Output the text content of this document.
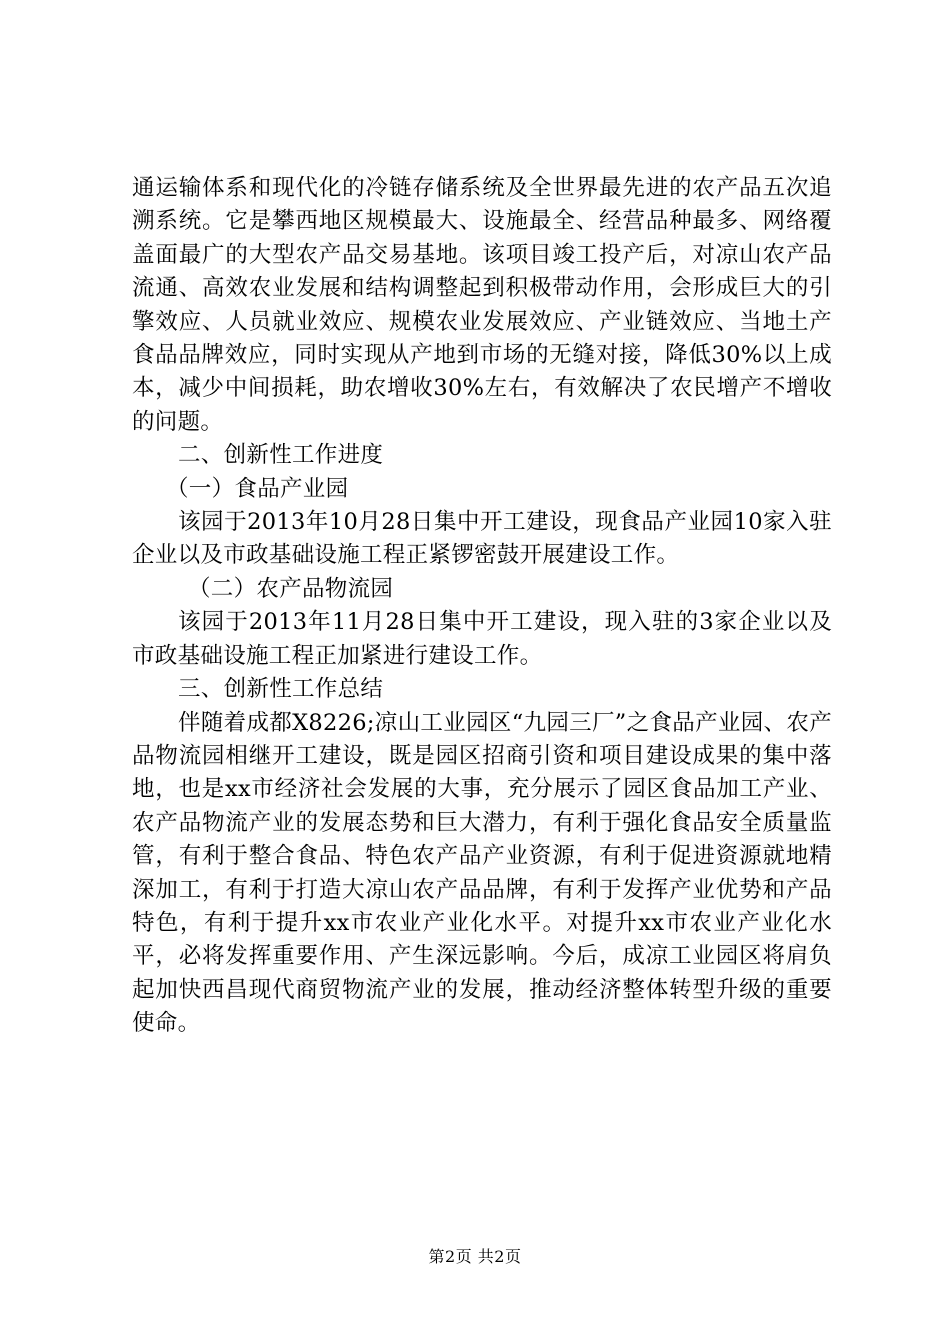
通运输体系和现代化的冷链存储系统及全世界最先进的农产品五次追溯系统。它是攀西地区规模最大、设施最全、经营品种最多、网络覆盖面最广的大型农产品交易基地。该项目竣工投产后，对凉山农产品流通、高效农业发展和结构调整起到积极带动作用，会形成巨大的引擎效应、人员就业效应、规模农业发展效应、产业链效应、当地土产食品品牌效应，同时实现从产地到市场的无缝对接，降低30%以上成本，减少中间损耗，助农增收30%左右，有效解决了农民增产不增收的问题。

二、创新性工作进度

（一）食品产业园

该园于2013年10月28日集中开工建设，现食品产业园10家入驻企业以及市政基础设施工程正紧锣密鼓开展建设工作。

（二）农产品物流园

该园于2013年11月28日集中开工建设，现入驻的3家企业以及市政基础设施工程正加紧进行建设工作。

三、创新性工作总结

伴随着成都X8226;凉山工业园区“九园三厂”之食品产业园、农产品物流园相继开工建设，既是园区招商引资和项目建设成果的集中落地，也是xx市经济社会发展的大事，充分展示了园区食品加工产业、农产品物流产业的发展态势和巨大潜力，有利于强化食品安全质量监管，有利于整合食品、特色农产品产业资源，有利于促进资源就地精深加工，有利于打造大凉山农产品品牌，有利于发挥产业优势和产品特色，有利于提升xx市农业产业化水平。对提升xx市农业产业化水平，必将发挥重要作用、产生深远影响。今后，成凉工业园区将肩负起加快西昌现代商贸物流产业的发展，推动经济整体转型升级的重要使命。

第2页 共2页
